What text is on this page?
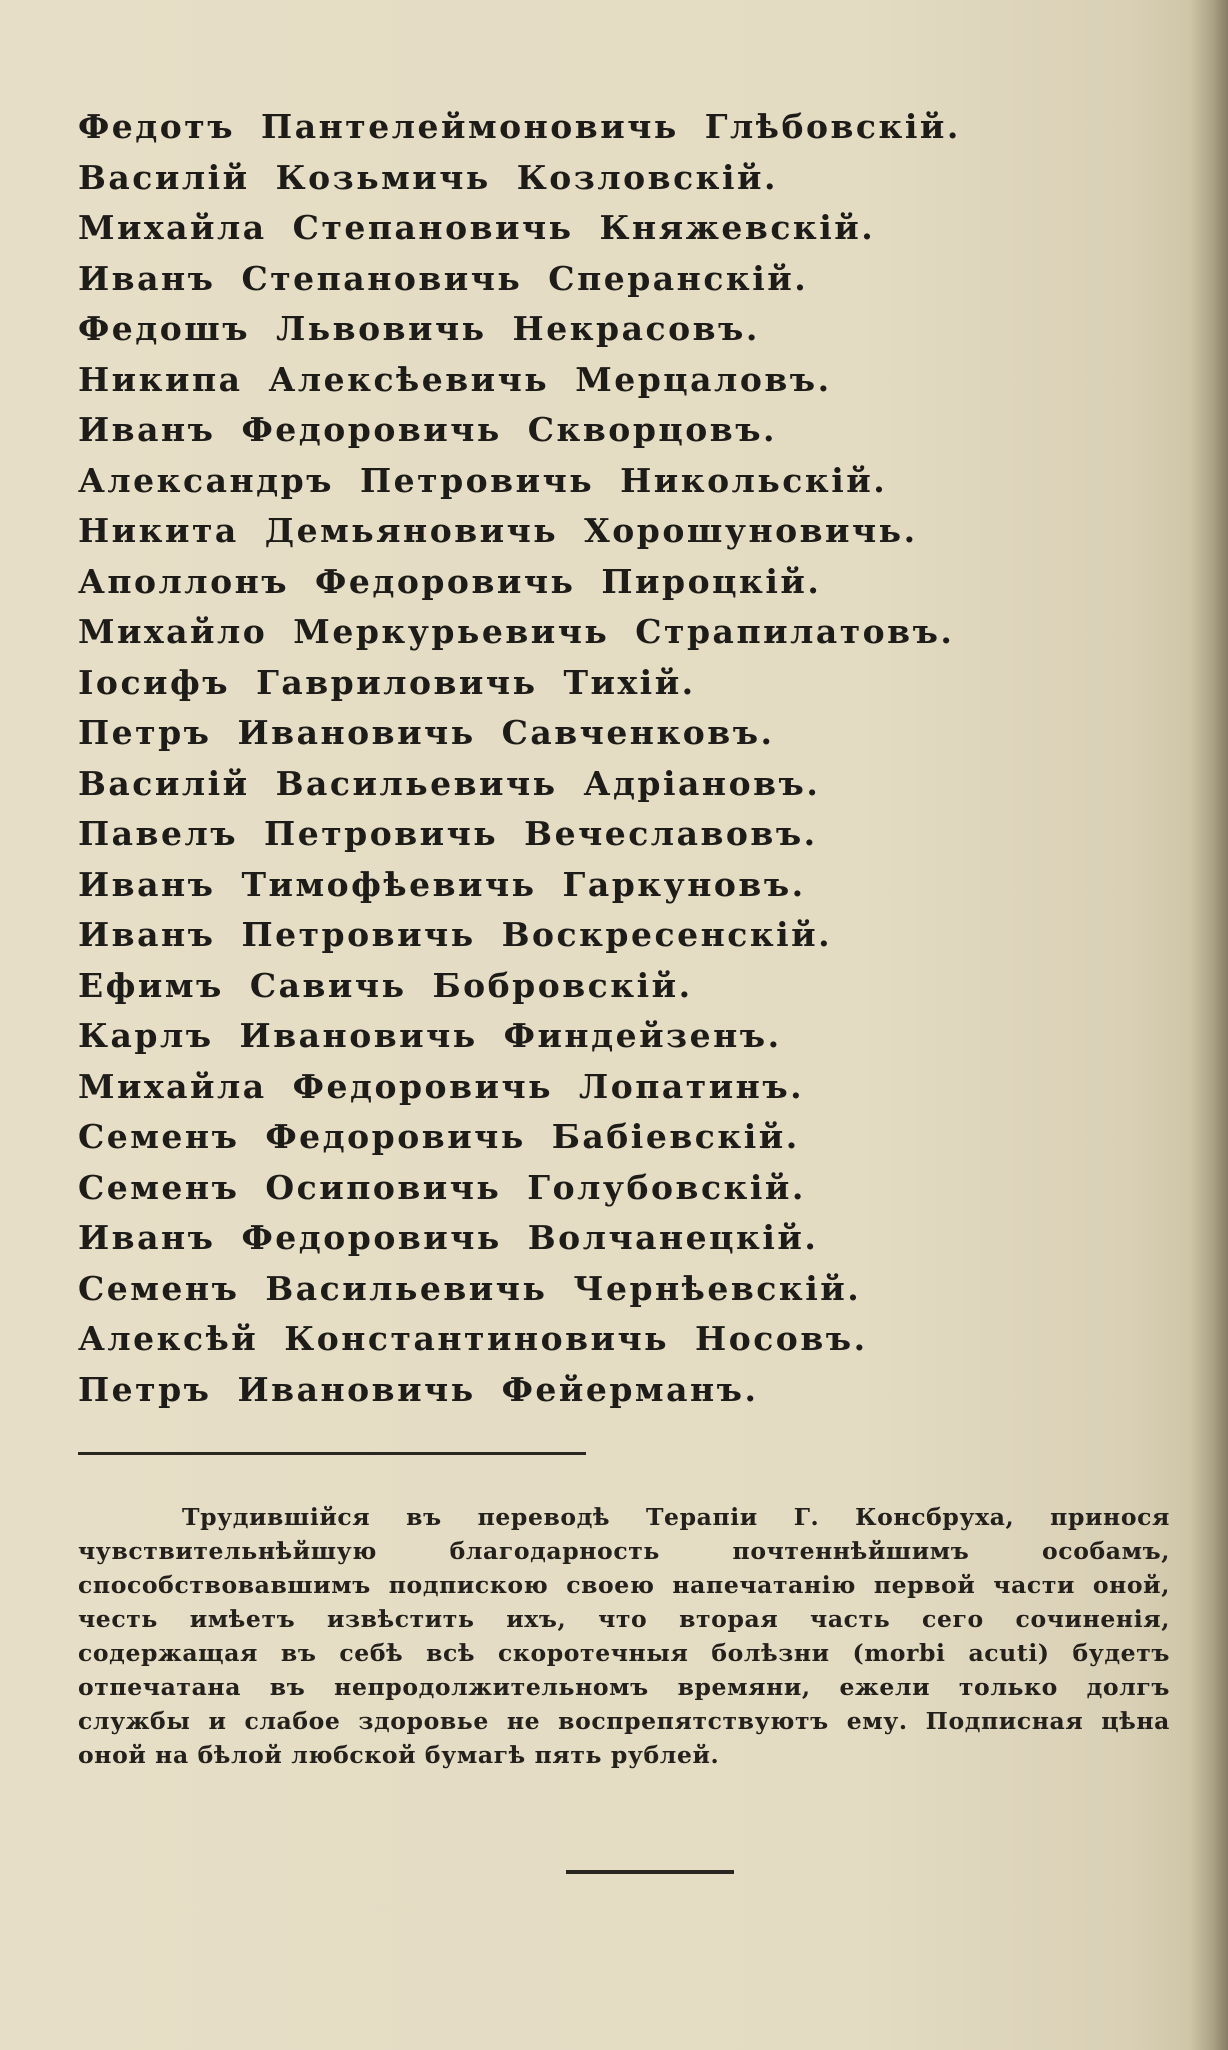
Федотъ Пантелеймоновичь Глѣбовскій.
Василій Козьмичь Козловскій.
Михайла Степановичь Княжевскій.
Иванъ Степановичь Сперанскій.
Федошъ Львовичь Некрасовъ.
Никипа Алексѣевичь Мерцаловъ.
Иванъ Федоровичь Скворцовъ.
Александръ Петровичь Никольскій.
Никита Демьяновичь Хорошуновичь.
Аполлонъ Федоровичь Пироцкій.
Михайло Меркурьевичь Страпилатовъ.
Іосифъ Гавриловичь Тихій.
Петръ Ивановичь Савченковъ.
Василій Васильевичь Адріановъ.
Павелъ Петровичь Вечеславовъ.
Иванъ Тимофѣевичь Гаркуновъ.
Иванъ Петровичь Воскресенскій.
Ефимъ Савичь Бобровскій.
Карлъ Ивановичь Финдейзенъ.
Михайла Федоровичь Лопатинъ.
Семенъ Федоровичь Бабіевскій.
Семенъ Осиповичь Голубовскій.
Иванъ Федоровичь Волчанецкій.
Семенъ Васильевичь Чернѣевскій.
Алексѣй Константиновичь Носовъ.
Петръ Ивановичь Фейерманъ.

Трудившійся въ переводѣ Терапіи Г. Консбруха, принося чувствительнѣйшую благодарность почтеннѣйшимъ особамъ, способствовавшимъ подпискою своею напечатанію первой части оной, честь имѣетъ извѣстить ихъ, что вторая часть сего сочиненія, содержащая въ себѣ всѣ скоротечныя болѣзни (morbi acuti) будетъ отпечатана въ непродолжительномъ времяни, ежели только долгъ службы и слабое здоровье не воспрепятствуютъ ему. Подписная цѣна оной на бѣлой любской бумагѣ пять рублей.
